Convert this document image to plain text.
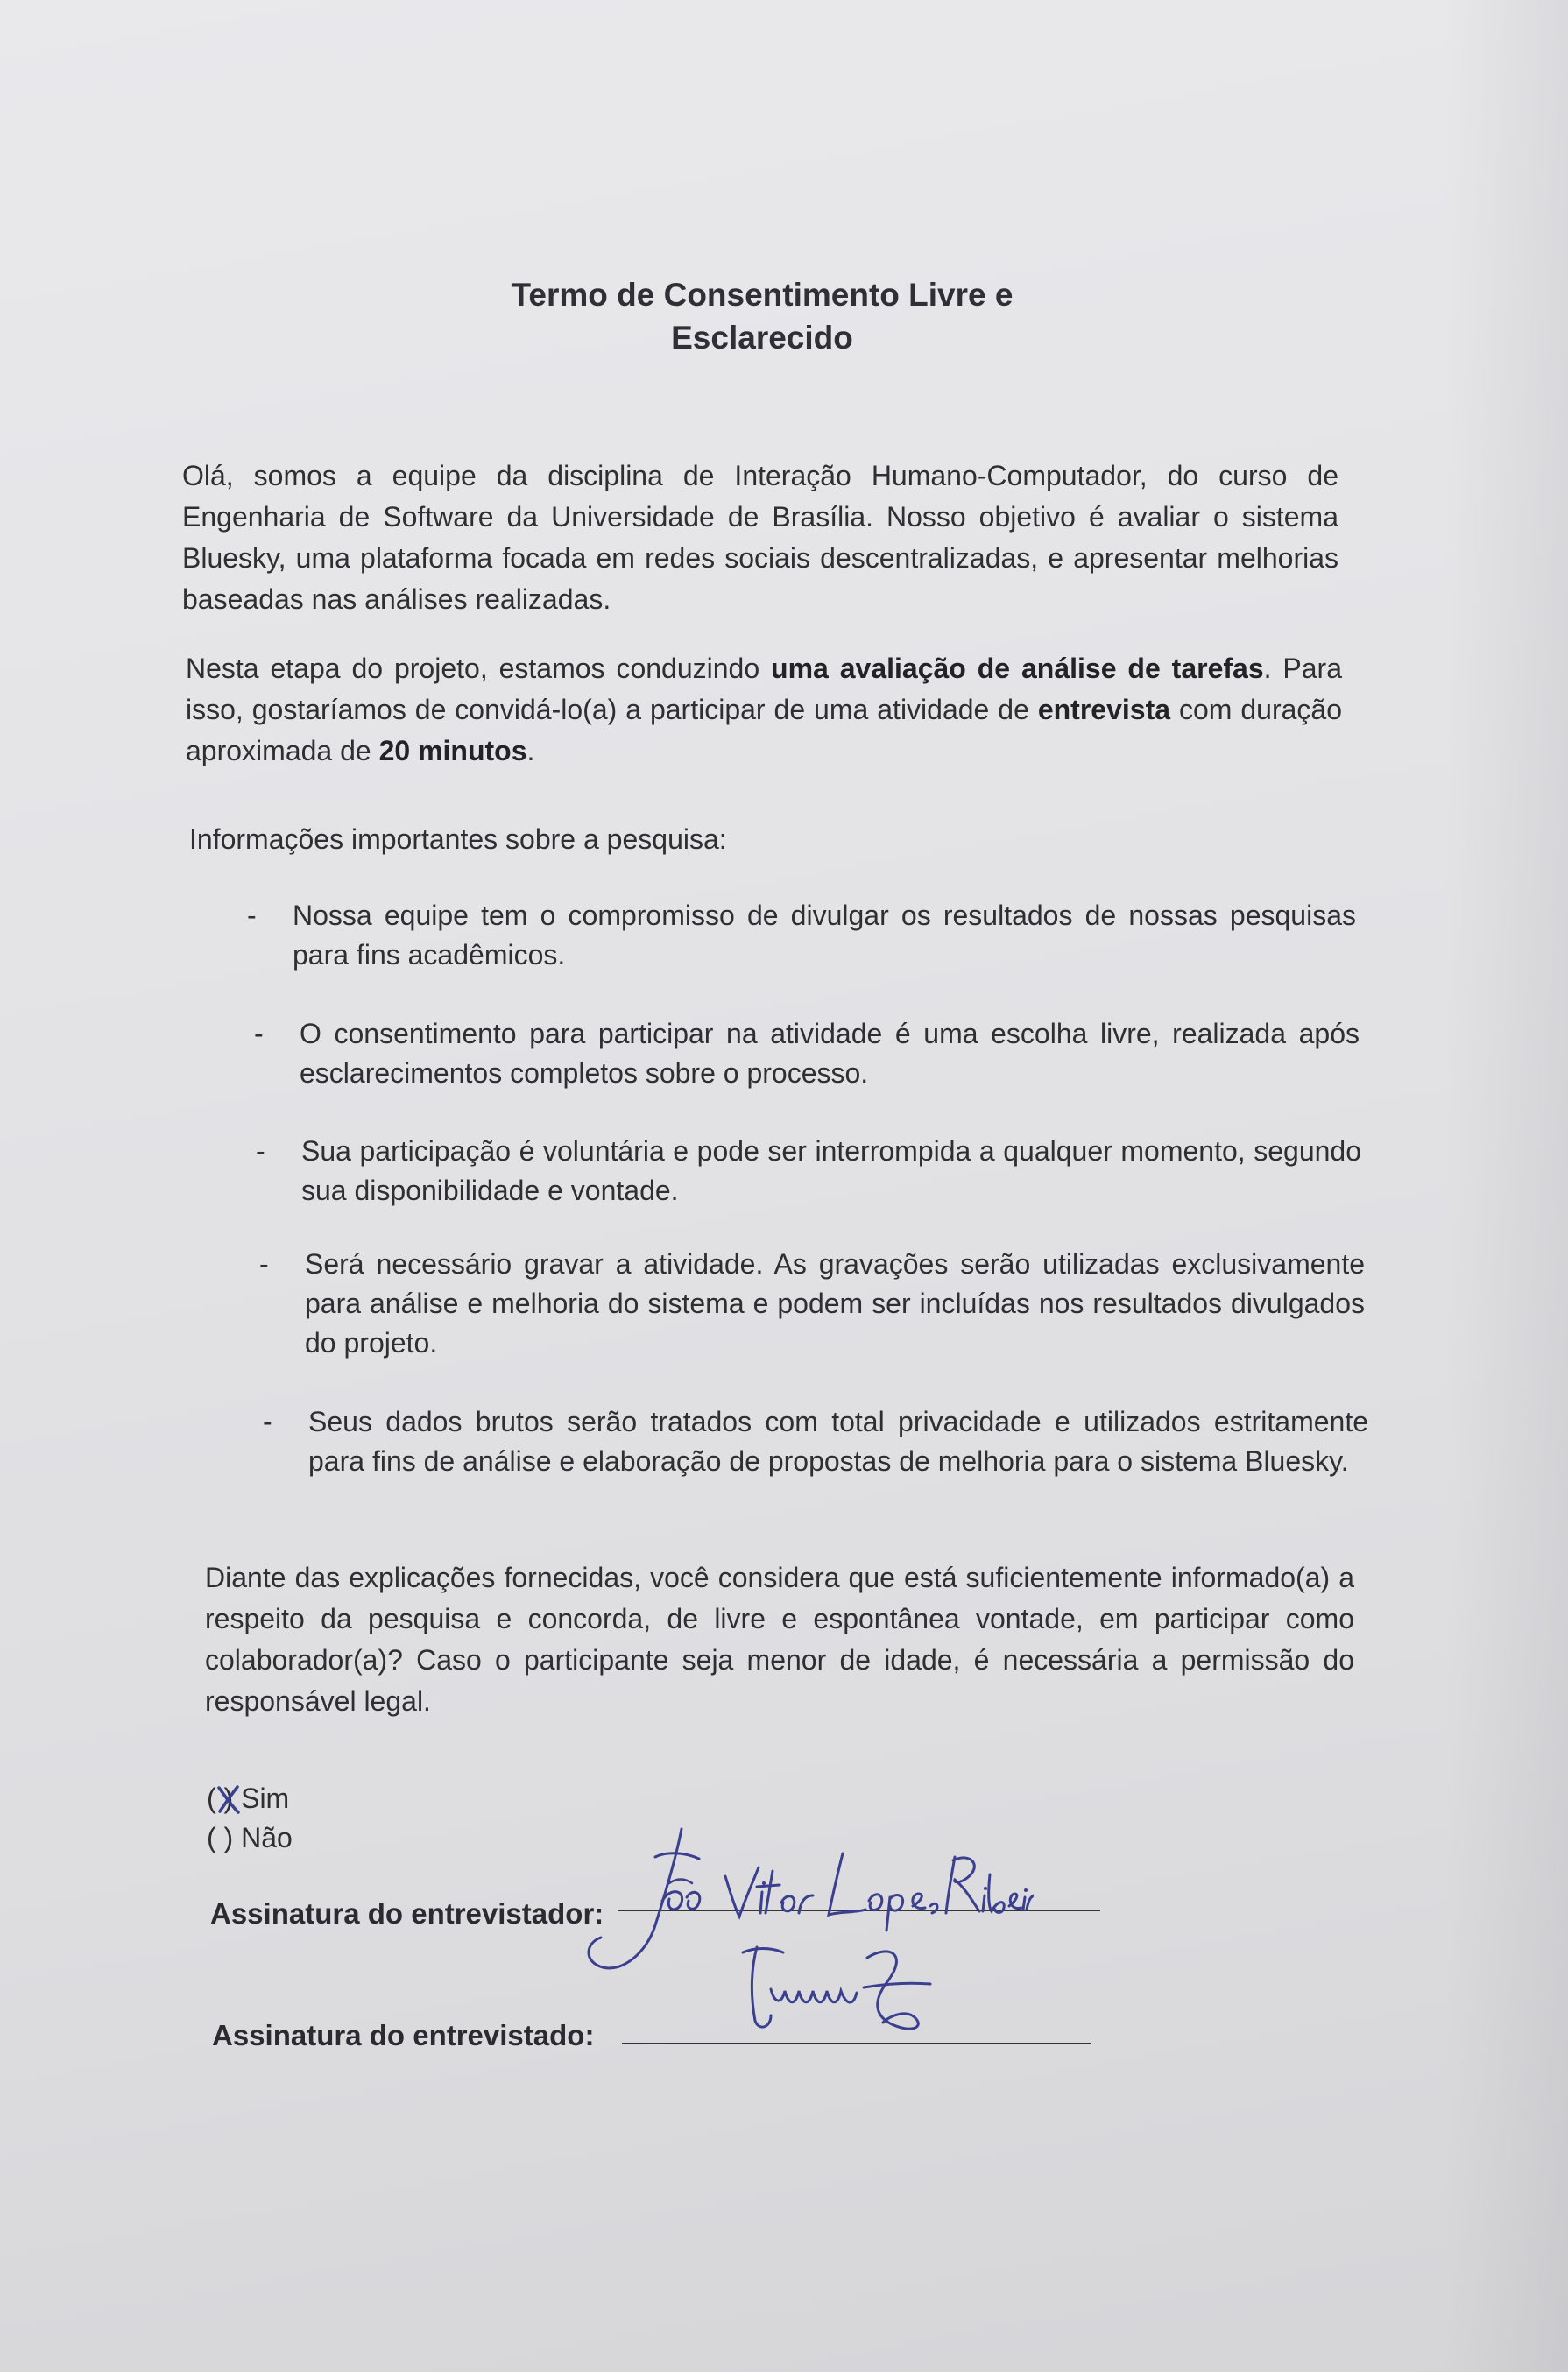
Termo de Consentimento Livre e
Esclarecido

Olá, somos a equipe da disciplina de Interação Humano-Computador, do curso de Engenharia de Software da Universidade de Brasília. Nosso objetivo é avaliar o sistema Bluesky, uma plataforma focada em redes sociais descentralizadas, e apresentar melhorias baseadas nas análises realizadas.

Nesta etapa do projeto, estamos conduzindo uma avaliação de análise de tarefas. Para isso, gostaríamos de convidá-lo(a) a participar de uma atividade de entrevista com duração aproximada de 20 minutos.

Informações importantes sobre a pesquisa:

- Nossa equipe tem o compromisso de divulgar os resultados de nossas pesquisas para fins acadêmicos.
- O consentimento para participar na atividade é uma escolha livre, realizada após esclarecimentos completos sobre o processo.
- Sua participação é voluntária e pode ser interrompida a qualquer momento, segundo sua disponibilidade e vontade.
- Será necessário gravar a atividade. As gravações serão utilizadas exclusivamente para análise e melhoria do sistema e podem ser incluídas nos resultados divulgados do projeto.
- Seus dados brutos serão tratados com total privacidade e utilizados estritamente para fins de análise e elaboração de propostas de melhoria para o sistema Bluesky.

Diante das explicações fornecidas, você considera que está suficientemente informado(a) a respeito da pesquisa e concorda, de livre e espontânea vontade, em participar como colaborador(a)? Caso o participante seja menor de idade, é necessária a permissão do responsável legal.

( ) Sim
( ) Não
Assinatura do entrevistador:
Assinatura do entrevistado:
